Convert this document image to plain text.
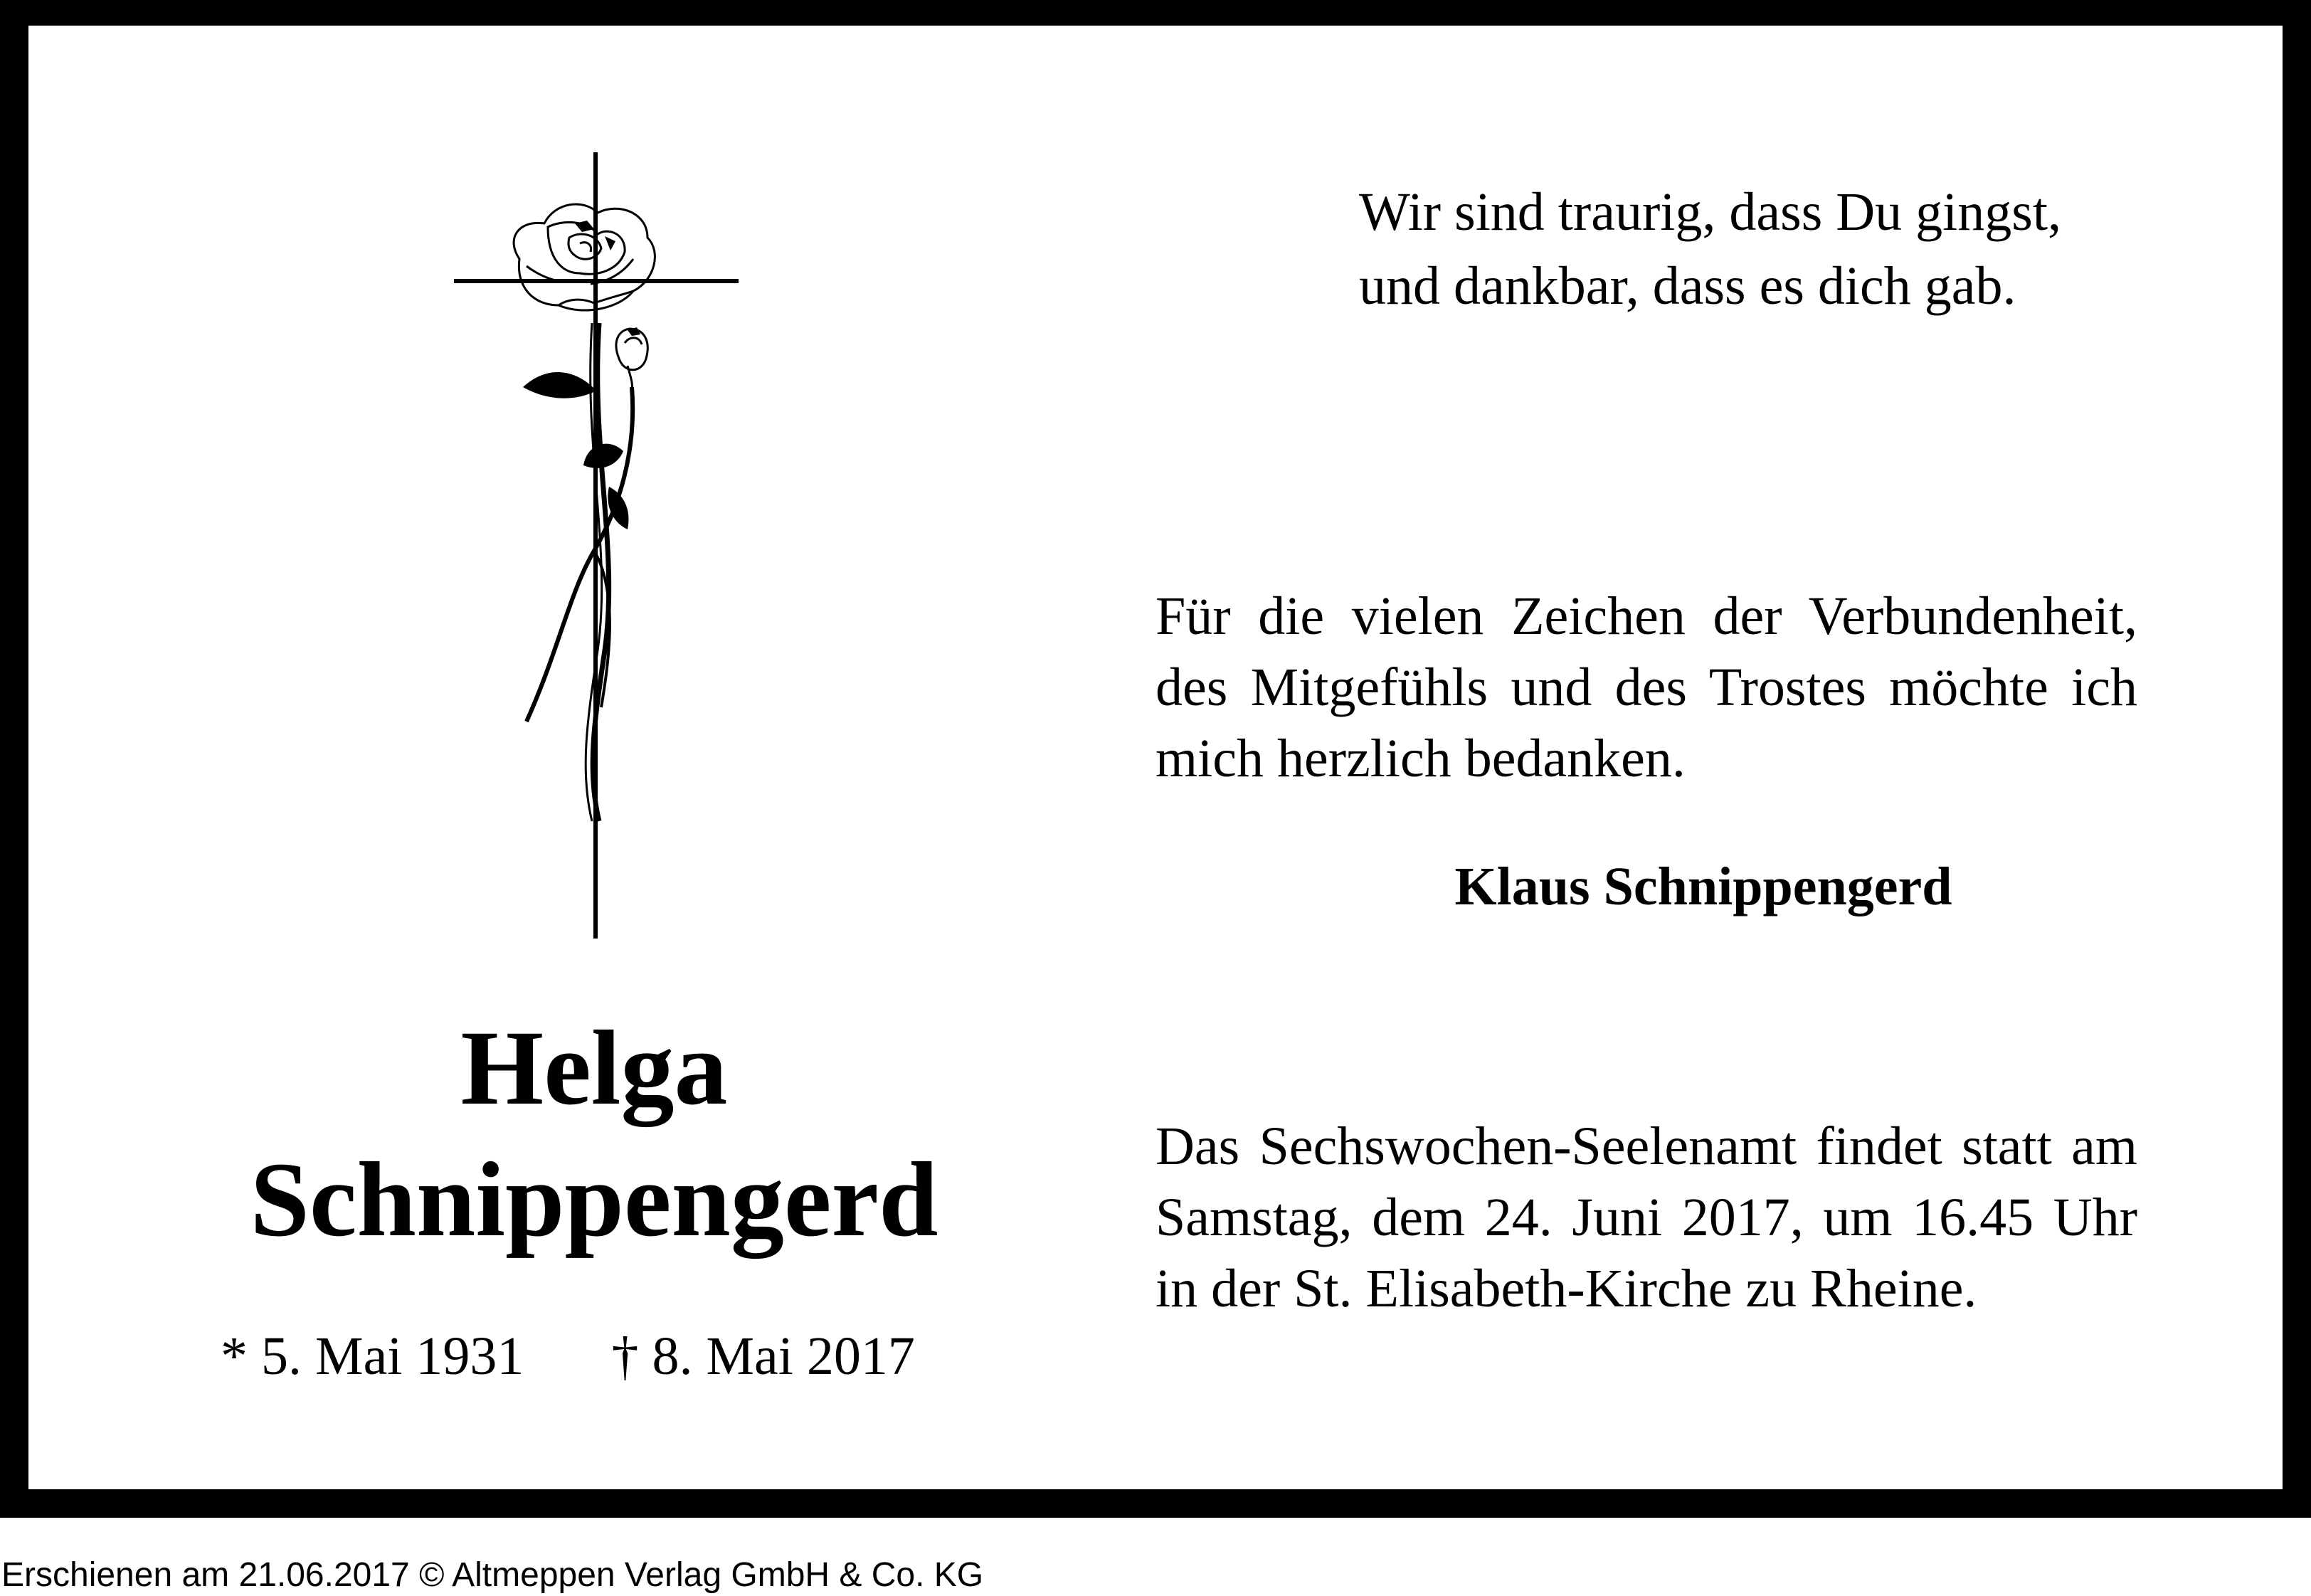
Wir sind traurig, dass Du gingst,
und dankbar, dass es dich gab.
Für die vielen Zeichen der Verbundenheit, des Mitgefühls und des Trostes möchte ich mich herzlich bedanken.
Klaus Schnippengerd
Helga
Schnippengerd
* 5. Mai 1931 † 8. Mai 2017
Das Sechswochen-Seelenamt findet statt am Samstag, dem 24. Juni 2017, um 16.45 Uhr in der St. Elisabeth-Kirche zu Rheine.
Erschienen am 21.06.2017 © Altmeppen Verlag GmbH & Co. KG
